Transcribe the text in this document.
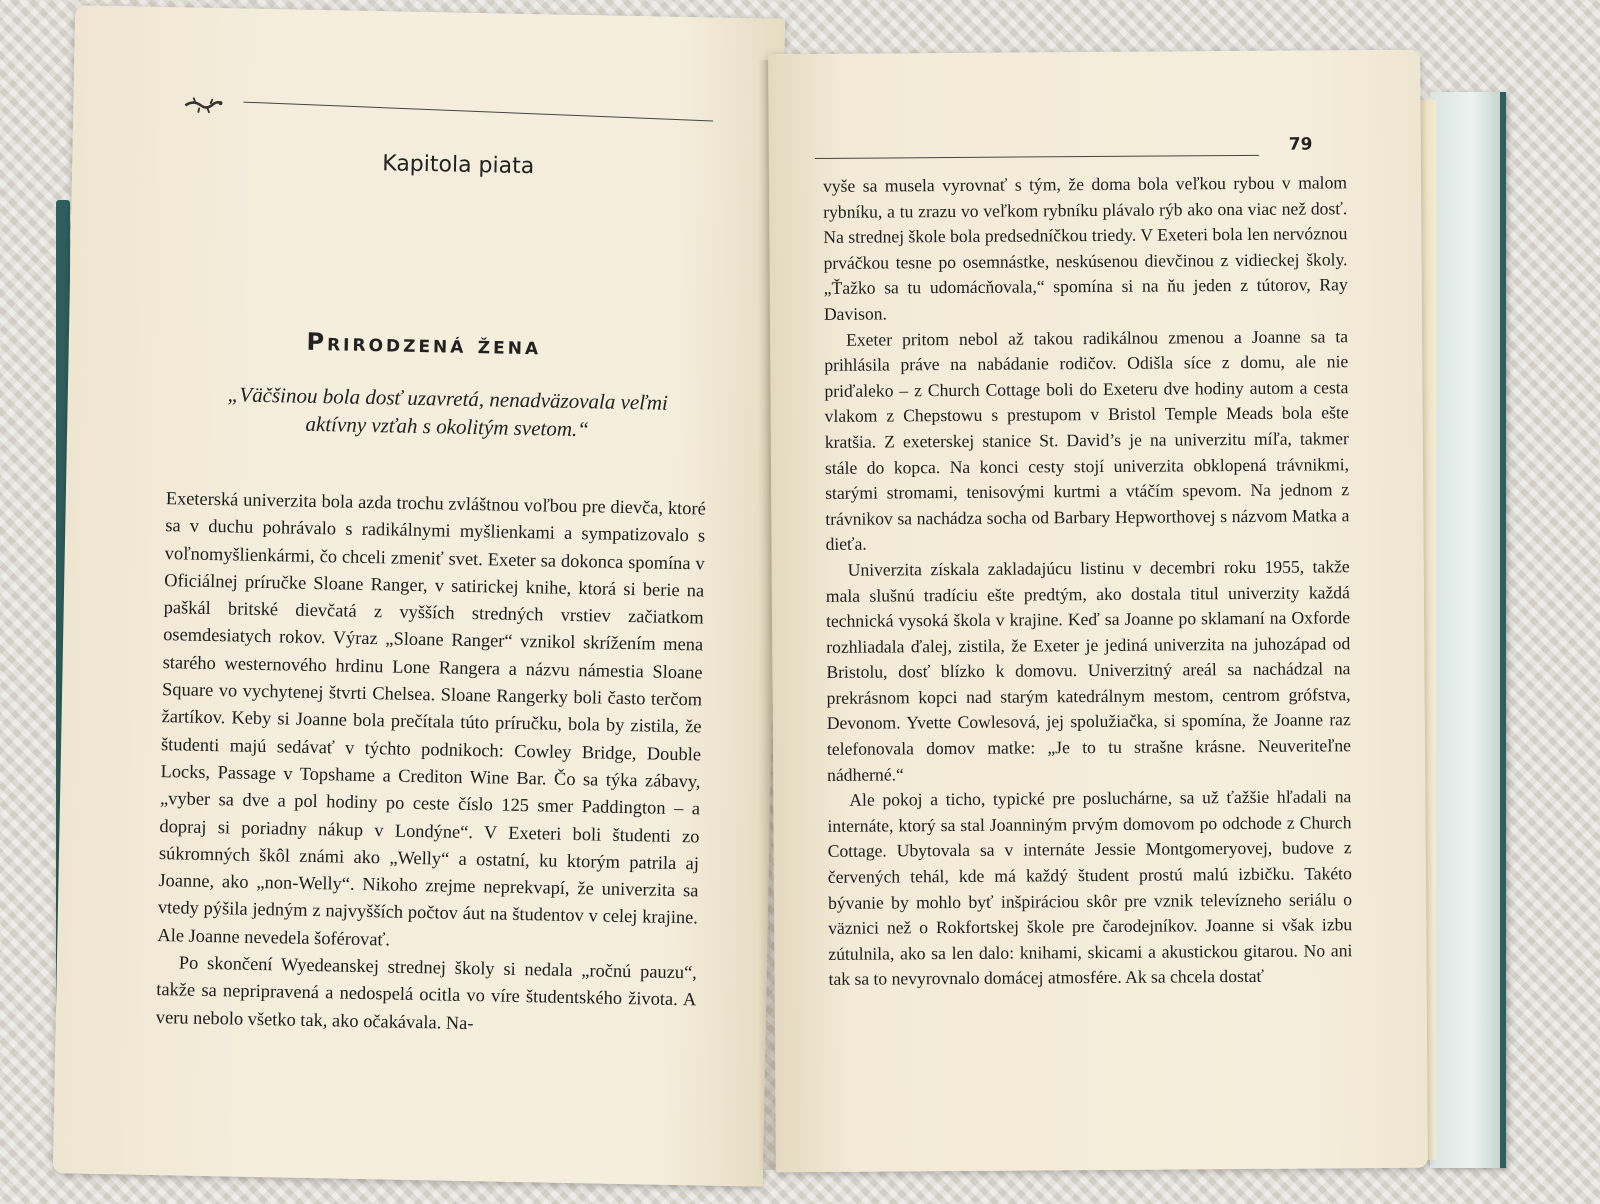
Kapitola piata
Prirodzená žena
„Väčšinou bola dosť uzavretá, nenadväzovala veľmi aktívny vzťah s okolitým svetom.“

Exeterská univerzita bola azda trochu zvláštnou voľbou pre dievča, ktoré sa v duchu pohrávalo s radikálnymi myšlienkami a sympatizovalo s voľnomyšlienkármi, čo chceli zmeniť svet. Exeter sa dokonca spomína v Oficiálnej príručke Sloane Ranger, v satirickej knihe, ktorá si berie na paškál britské dievčatá z vyšších stredných vrstiev začiatkom osemdesiatych rokov. Výraz „Sloane Ranger“ vznikol skrížením mena starého westernového hrdinu Lone Rangera a názvu námestia Sloane Square vo vychytenej štvrti Chelsea. Sloane Rangerky boli často terčom žartíkov. Keby si Joanne bola prečítala túto príručku, bola by zistila, že študenti majú sedávať v týchto podnikoch: Cowley Bridge, Double Locks, Passage v Topshame a Crediton Wine Bar. Čo sa týka zábavy, „vyber sa dve a pol hodiny po ceste číslo 125 smer Paddington – a dopraj si poriadny nákup v Londýne“. V Exeteri boli študenti zo súkromných škôl známi ako „Welly“ a ostatní, ku ktorým patrila aj Joanne, ako „non-Welly“. Nikoho zrejme neprekvapí, že univerzita sa vtedy pýšila jedným z najvyšších počtov áut na študentov v celej krajine. Ale Joanne nevedela šoférovať.

Po skončení Wyedeanskej strednej školy si nedala „ročnú pauzu“, takže sa nepripravená a nedospelá ocitla vo víre študentského života. A veru nebolo všetko tak, ako očakávala. Na-

79

vyše sa musela vyrovnať s tým, že doma bola veľkou rybou v malom rybníku, a tu zrazu vo veľkom rybníku plávalo rýb ako ona viac než dosť. Na strednej škole bola predsedníčkou triedy. V Exeteri bola len nervóznou prváčkou tesne po osemnástke, neskúsenou dievčinou z vidieckej školy. „Ťažko sa tu udomácňovala,“ spomína si na ňu jeden z tútorov, Ray Davison.

Exeter pritom nebol až takou radikálnou zmenou a Joanne sa ta prihlásila práve na nabádanie rodičov. Odišla síce z domu, ale nie priďaleko – z Church Cottage boli do Exeteru dve hodiny autom a cesta vlakom z Chepstowu s prestupom v Bristol Temple Meads bola ešte kratšia. Z exeterskej stanice St. David’s je na univerzitu míľa, takmer stále do kopca. Na konci cesty stojí univerzita obklopená trávnikmi, starými stromami, tenisovými kurtmi a vtáčím spevom. Na jednom z trávnikov sa nachádza socha od Barbary Hepworthovej s názvom Matka a dieťa.

Univerzita získala zakladajúcu listinu v decembri roku 1955, takže mala slušnú tradíciu ešte predtým, ako dostala titul univerzity každá technická vysoká škola v krajine. Keď sa Joanne po sklamaní na Oxforde rozhliadala ďalej, zistila, že Exeter je jediná univerzita na juhozápad od Bristolu, dosť blízko k domovu. Univerzitný areál sa nachádzal na prekrásnom kopci nad starým katedrálnym mestom, centrom grófstva, Devonom. Yvette Cowlesová, jej spolužiačka, si spomína, že Joanne raz telefonovala domov matke: „Je to tu strašne krásne. Neuveriteľne nádherné.“

Ale pokoj a ticho, typické pre posluchárne, sa už ťažšie hľadali na internáte, ktorý sa stal Joanniným prvým domovom po odchode z Church Cottage. Ubytovala sa v internáte Jessie Montgomeryovej, budove z červených tehál, kde má každý študent prostú malú izbičku. Takéto bývanie by mohlo byť inšpiráciou skôr pre vznik televízneho seriálu o väznici než o Rokfortskej škole pre čarodejníkov. Joanne si však izbu zútulnila, ako sa len dalo: knihami, skicami a akustickou gitarou. No ani tak sa to nevyrovnalo domácej atmosfére. Ak sa chcela dostať
